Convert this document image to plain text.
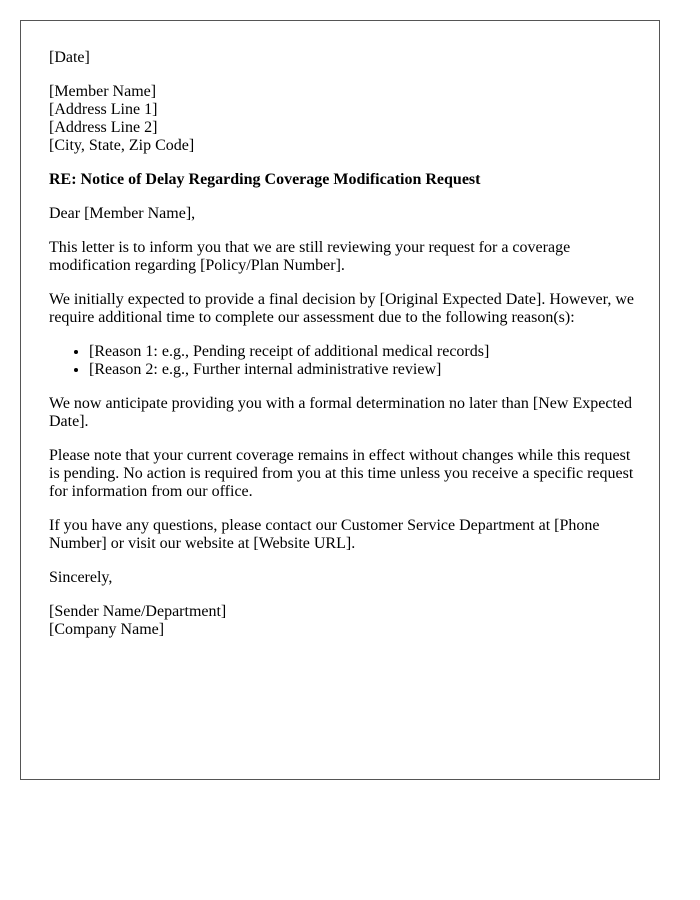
[Date]

[Member Name]
[Address Line 1]
[Address Line 2]
[City, State, Zip Code]

RE: Notice of Delay Regarding Coverage Modification Request

Dear [Member Name],

This letter is to inform you that we are still reviewing your request for a coverage modification regarding [Policy/Plan Number].

We initially expected to provide a final decision by [Original Expected Date]. However, we require additional time to complete our assessment due to the following reason(s):

• [Reason 1: e.g., Pending receipt of additional medical records]
• [Reason 2: e.g., Further internal administrative review]

We now anticipate providing you with a formal determination no later than [New Expected Date].

Please note that your current coverage remains in effect without changes while this request is pending. No action is required from you at this time unless you receive a specific request for information from our office.

If you have any questions, please contact our Customer Service Department at [Phone Number] or visit our website at [Website URL].

Sincerely,

[Sender Name/Department]
[Company Name]
